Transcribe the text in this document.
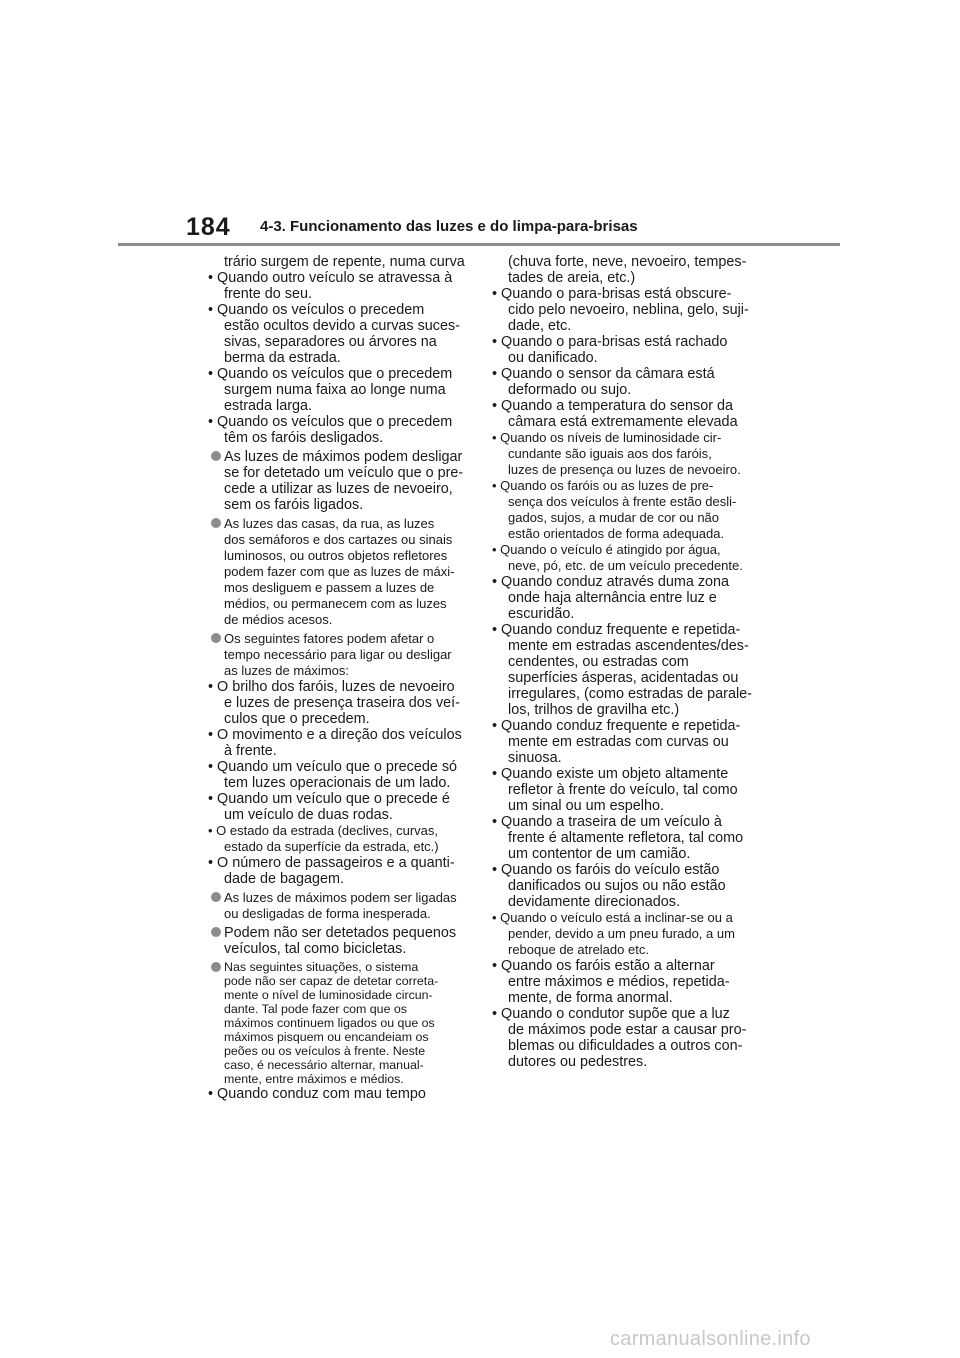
184 4-3. Funcionamento das luzes e do limpa-para-brisas
trário surgem de repente, numa curva
• Quando outro veículo se atravessa à
frente do seu.
• Quando os veículos o precedem
estão ocultos devido a curvas suces-
sivas, separadores ou árvores na
berma da estrada.
• Quando os veículos que o precedem
surgem numa faixa ao longe numa
estrada larga.
• Quando os veículos que o precedem
têm os faróis desligados.
As luzes de máximos podem desligar
se for detetado um veículo que o pre-
cede a utilizar as luzes de nevoeiro,
sem os faróis ligados.
As luzes das casas, da rua, as luzes
dos semáforos e dos cartazes ou sinais
luminosos, ou outros objetos refletores
podem fazer com que as luzes de máxi-
mos desliguem e passem a luzes de
médios, ou permanecem com as luzes
de médios acesos.
Os seguintes fatores podem afetar o
tempo necessário para ligar ou desligar
as luzes de máximos:
• O brilho dos faróis, luzes de nevoeiro
e luzes de presença traseira dos veí-
culos que o precedem.
• O movimento e a direção dos veículos
à frente.
• Quando um veículo que o precede só
tem luzes operacionais de um lado.
• Quando um veículo que o precede é
um veículo de duas rodas.
• O estado da estrada (declives, curvas,
estado da superfície da estrada, etc.)
• O número de passageiros e a quanti-
dade de bagagem.
As luzes de máximos podem ser ligadas
ou desligadas de forma inesperada.
Podem não ser detetados pequenos
veículos, tal como bicicletas.
Nas seguintes situações, o sistema
pode não ser capaz de detetar correta-
mente o nível de luminosidade circun-
dante. Tal pode fazer com que os
máximos continuem ligados ou que os
máximos pisquem ou encandeiam os
peões ou os veículos à frente. Neste
caso, é necessário alternar, manual-
mente, entre máximos e médios.
• Quando conduz com mau tempo
(chuva forte, neve, nevoeiro, tempes-
tades de areia, etc.)
• Quando o para-brisas está obscure-
cido pelo nevoeiro, neblina, gelo, suji-
dade, etc.
• Quando o para-brisas está rachado
ou danificado.
• Quando o sensor da câmara está
deformado ou sujo.
• Quando a temperatura do sensor da
câmara está extremamente elevada
• Quando os níveis de luminosidade cir-
cundante são iguais aos dos faróis,
luzes de presença ou luzes de nevoeiro.
• Quando os faróis ou as luzes de pre-
sença dos veículos à frente estão desli-
gados, sujos, a mudar de cor ou não
estão orientados de forma adequada.
• Quando o veículo é atingido por água,
neve, pó, etc. de um veículo precedente.
• Quando conduz através duma zona
onde haja alternância entre luz e
escuridão.
• Quando conduz frequente e repetida-
mente em estradas ascendentes/des-
cendentes, ou estradas com
superfícies ásperas, acidentadas ou
irregulares, (como estradas de parale-
los, trilhos de gravilha etc.)
• Quando conduz frequente e repetida-
mente em estradas com curvas ou
sinuosa.
• Quando existe um objeto altamente
refletor à frente do veículo, tal como
um sinal ou um espelho.
• Quando a traseira de um veículo à
frente é altamente refletora, tal como
um contentor de um camião.
• Quando os faróis do veículo estão
danificados ou sujos ou não estão
devidamente direcionados.
• Quando o veículo está a inclinar-se ou a
pender, devido a um pneu furado, a um
reboque de atrelado etc.
• Quando os faróis estão a alternar
entre máximos e médios, repetida-
mente, de forma anormal.
• Quando o condutor supõe que a luz
de máximos pode estar a causar pro-
blemas ou dificuldades a outros con-
dutores ou pedestres.
carmanualsonline.info
